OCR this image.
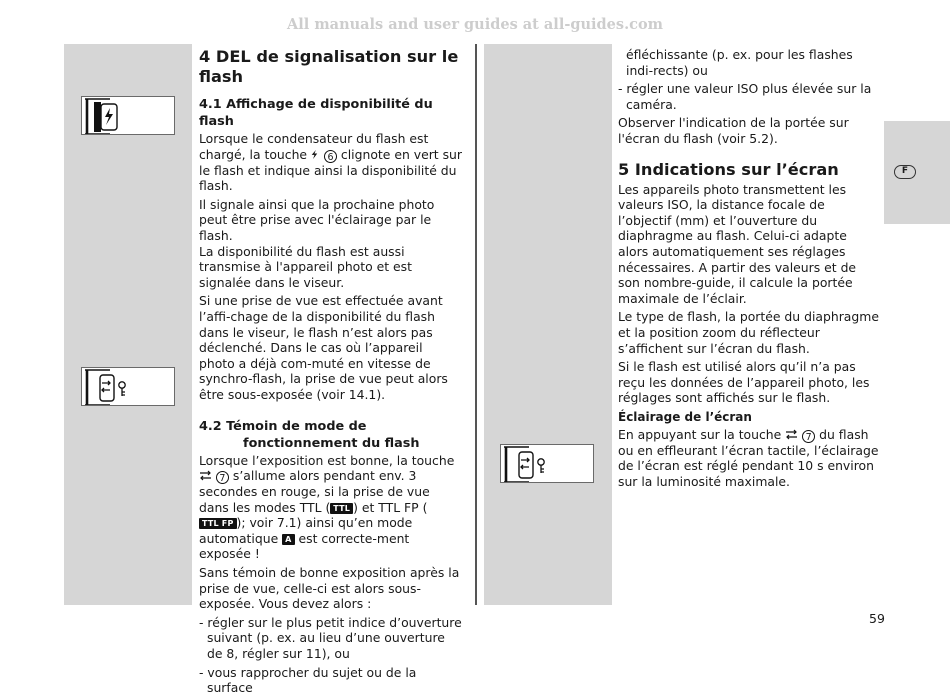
All manuals and user guides at all-guides.com
4 DEL de signalisation sur le flash
4.1 Affichage de disponibilité du flash

Lorsque le condensateur du flash est chargé, la touche 6 clignote en vert sur le flash et indique ainsi la disponibilité du flash.

Il signale ainsi que la prochaine photo peut être prise avec l'éclairage par le flash.

La disponibilité du flash est aussi transmise à l'appareil photo et est signalée dans le viseur.

Si une prise de vue est effectuée avant l’affi-chage de la disponibilité du flash dans le viseur, le flash n’est alors pas déclenché. Dans le cas où l’appareil photo a déjà com-muté en vitesse de synchro-flash, la prise de vue peut alors être sous-exposée (voir 14.1).

4.2 Témoin de mode de fonctionnement du flash

Lorsque l’exposition est bonne, la touche  7 s’allume alors pendant env. 3 secondes en rouge, si la prise de vue dans les modes TTL ( TTL ) et TTL FP (TTL FP ); voir 7.1) ainsi qu’en mode automatique A est correcte-ment exposée !

Sans témoin de bonne exposition après la prise de vue, celle-ci est alors sous-exposée. Vous devez alors :

- régler sur le plus petit indice d’ouverture suivant (p. ex. au lieu d’une ouverture de 8, régler sur 11), ou

- vous rapprocher du sujet ou de la surface

éfléchissante (p. ex. pour les flashes indi-rects) ou

- régler une valeur ISO plus élevée sur la caméra.

Observer l'indication de la portée sur l'écran du flash (voir 5.2).

5 Indications sur l’écran

Les appareils photo transmettent les valeurs ISO, la distance focale de l’objectif (mm) et l’ouverture du diaphragme au flash. Celui-ci adapte alors automatiquement ses réglages nécessaires. A partir des valeurs et de son nombre-guide, il calcule la portée maximale de l’éclair.

Le type de flash, la portée du diaphragme et la position zoom du réflecteur s’affichent sur l’écran du flash.

Si le flash est utilisé alors qu’il n’a pas reçu les données de l’appareil photo, les réglages sont affichés sur le flash.

Éclairage de l’écran

En appuyant sur la touche	7 du flash ou en effleurant l’écran tactile, l’éclairage de l’écran est réglé pendant 10 s environ sur la luminosité maximale.

F
59
